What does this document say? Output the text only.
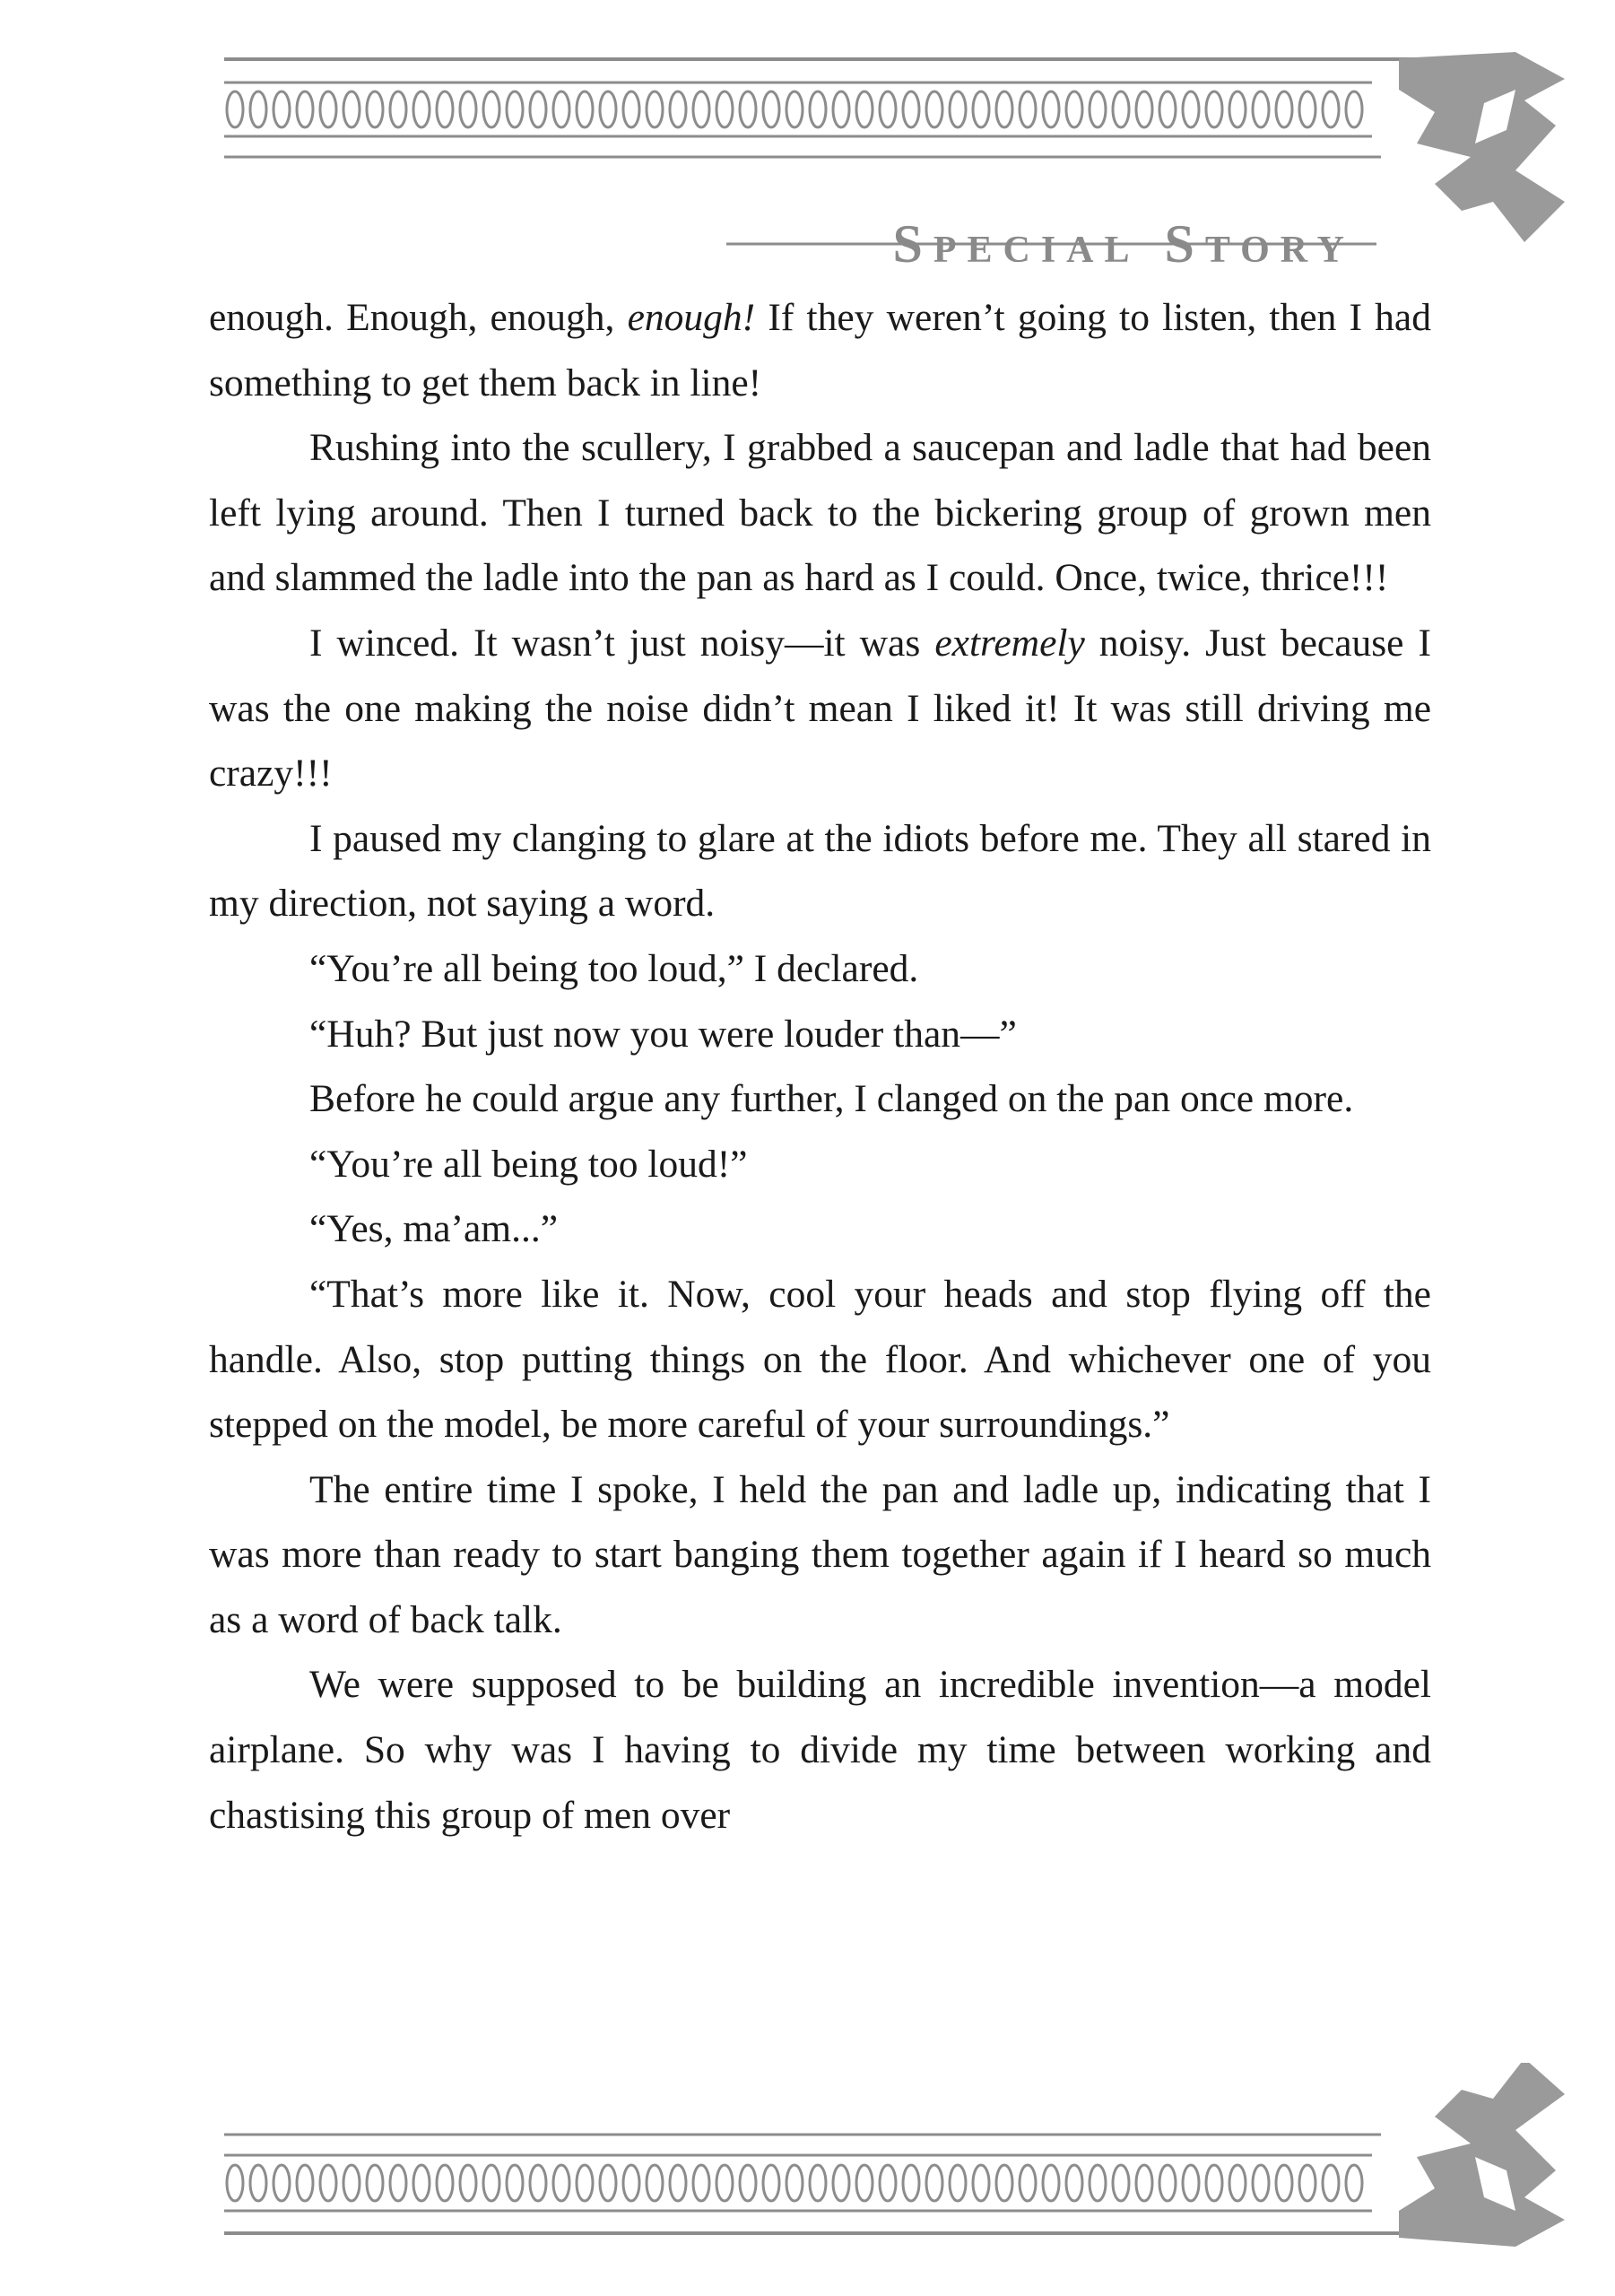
Special Story

enough. Enough, enough, enough! If they weren’t going to listen, then I had something to get them back in line!

Rushing into the scullery, I grabbed a saucepan and ladle that had been left lying around. Then I turned back to the bickering group of grown men and slammed the ladle into the pan as hard as I could. Once, twice, thrice!!!

I winced. It wasn’t just noisy—it was extremely noisy. Just because I was the one making the noise didn’t mean I liked it! It was still driving me crazy!!!

I paused my clanging to glare at the idiots before me. They all stared in my direction, not saying a word.

“You’re all being too loud,” I declared.

“Huh? But just now you were louder than—”

Before he could argue any further, I clanged on the pan once more.

“You’re all being too loud!”

“Yes, ma’am...”

“That’s more like it. Now, cool your heads and stop flying off the handle. Also, stop putting things on the floor. And whichever one of you stepped on the model, be more careful of your surroundings.”

The entire time I spoke, I held the pan and ladle up, indicating that I was more than ready to start banging them together again if I heard so much as a word of back talk.

We were supposed to be building an incredible invention—a model airplane. So why was I having to divide my time between working and chastising this group of men over
